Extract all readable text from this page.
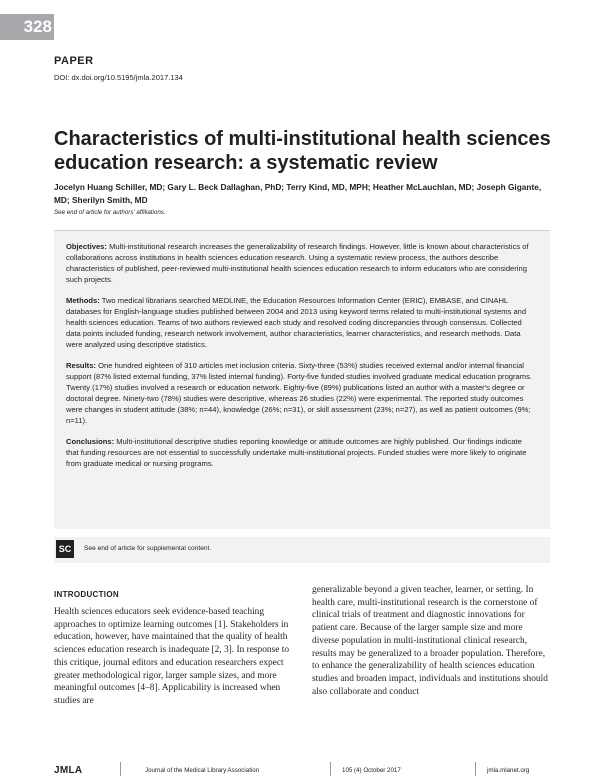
328
PAPER
DOI: dx.doi.org/10.5195/jmla.2017.134
Characteristics of multi-institutional health sciences education research: a systematic review
Jocelyn Huang Schiller, MD; Gary L. Beck Dallaghan, PhD; Terry Kind, MD, MPH; Heather McLauchlan, MD; Joseph Gigante, MD; Sherilyn Smith, MD
See end of article for authors' affiliations.

Objectives: Multi-institutional research increases the generalizability of research findings. However, little is known about characteristics of collaborations across institutions in health sciences education research. Using a systematic review process, the authors describe characteristics of published, peer-reviewed multi-institutional health sciences education research to inform educators who are considering such projects.

Methods: Two medical librarians searched MEDLINE, the Education Resources Information Center (ERIC), EMBASE, and CINAHL databases for English-language studies published between 2004 and 2013 using keyword terms related to multi-institutional systems and health sciences education. Teams of two authors reviewed each study and resolved coding discrepancies through consensus. Collected data points included funding, research network involvement, author characteristics, learner characteristics, and research methods. Data were analyzed using descriptive statistics.

Results: One hundred eighteen of 310 articles met inclusion criteria. Sixty-three (53%) studies received external and/or internal financial support (87% listed external funding, 37% listed internal funding). Forty-five funded studies involved graduate medical education programs. Twenty (17%) studies involved a research or education network. Eighty-five (89%) publications listed an author with a master's degree or doctoral degree. Ninety-two (78%) studies were descriptive, whereas 26 studies (22%) were experimental. The reported study outcomes were changes in student attitude (38%; n=44), knowledge (26%; n=31), or skill assessment (23%; n=27), as well as patient outcomes (9%; n=11).

Conclusions: Multi-institutional descriptive studies reporting knowledge or attitude outcomes are highly published. Our findings indicate that funding resources are not essential to successfully undertake multi-institutional projects. Funded studies were more likely to originate from graduate medical or nursing programs.

SC	See end of article for supplemental content.
INTRODUCTION

Health sciences educators seek evidence-based teaching approaches to optimize learning outcomes [1]. Stakeholders in education, however, have maintained that the quality of health sciences education research is inadequate [2, 3]. In response to this critique, journal editors and education researchers expect greater methodological rigor, larger sample sizes, and more meaningful outcomes [4–8]. Applicability is increased when studies are

generalizable beyond a given teacher, learner, or setting. In health care, multi-institutional research is the cornerstone of clinical trials of treatment and diagnostic innovations for patient care. Because of the larger sample size and more diverse population in multi-institutional clinical research, results may be generalized to a broader population. Therefore, to enhance the generalizability of health sciences education studies and broaden impact, individuals and institutions should also collaborate and conduct

JMLA	Journal of the Medical Library Association	105 (4) October 2017	jmla.mlanet.org
